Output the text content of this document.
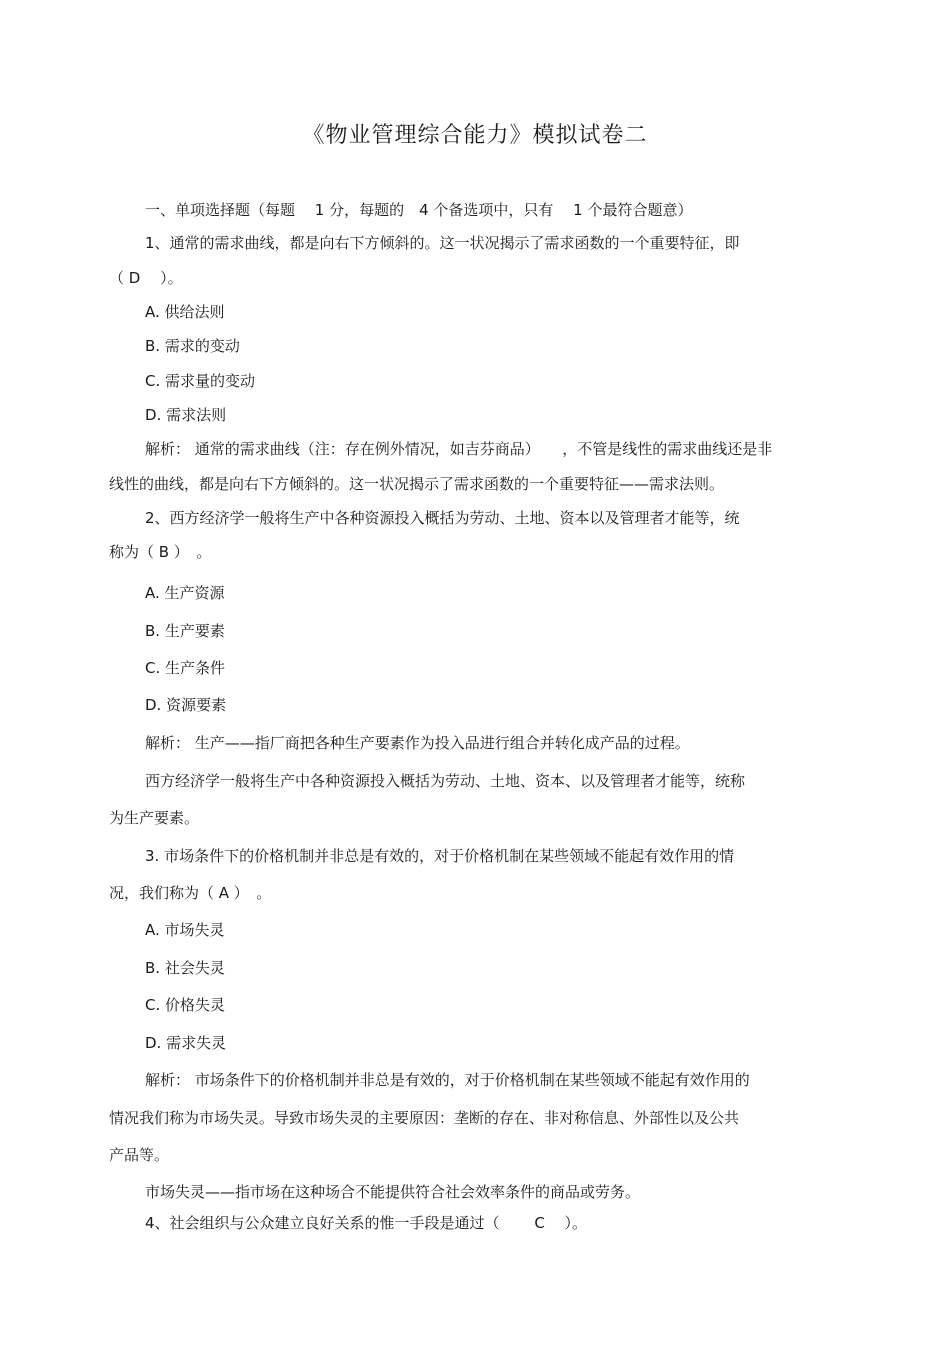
《物业管理综合能力》模拟试卷二
一、单项选择题（每题　 1 分，每题的　4 个备选项中，只有　 1 个最符合题意）
1、通常的需求曲线，都是向右下方倾斜的。这一状况揭示了需求函数的一个重要特征，即
（ D　 ）。
A. 供给法则
B. 需求的变动
C. 需求量的变动
D. 需求法则
解析： 通常的需求曲线（注：存在例外情况，如吉芬商品）　　，不管是线性的需求曲线还是非
线性的曲线，都是向右下方倾斜的。这一状况揭示了需求函数的一个重要特征——需求法则。
2、西方经济学一般将生产中各种资源投入概括为劳动、土地、资本以及管理者才能等，统
称为（ B ）　。
A. 生产资源
B. 生产要素
C. 生产条件
D. 资源要素
解析： 生产——指厂商把各种生产要素作为投入品进行组合并转化成产品的过程。
西方经济学一般将生产中各种资源投入概括为劳动、土地、资本、以及管理者才能等，统称
为生产要素。
3. 市场条件下的价格机制并非总是有效的，对于价格机制在某些领域不能起有效作用的情
况，我们称为（ A ）　。
A. 市场失灵
B. 社会失灵
C. 价格失灵
D. 需求失灵
解析： 市场条件下的价格机制并非总是有效的，对于价格机制在某些领域不能起有效作用的
情况我们称为市场失灵。导致市场失灵的主要原因：垄断的存在、非对称信息、外部性以及公共
产品等。
市场失灵——指市场在这种场合不能提供符合社会效率条件的商品或劳务。
4、社会组织与公众建立良好关系的惟一手段是通过（　　 C　 ）。
